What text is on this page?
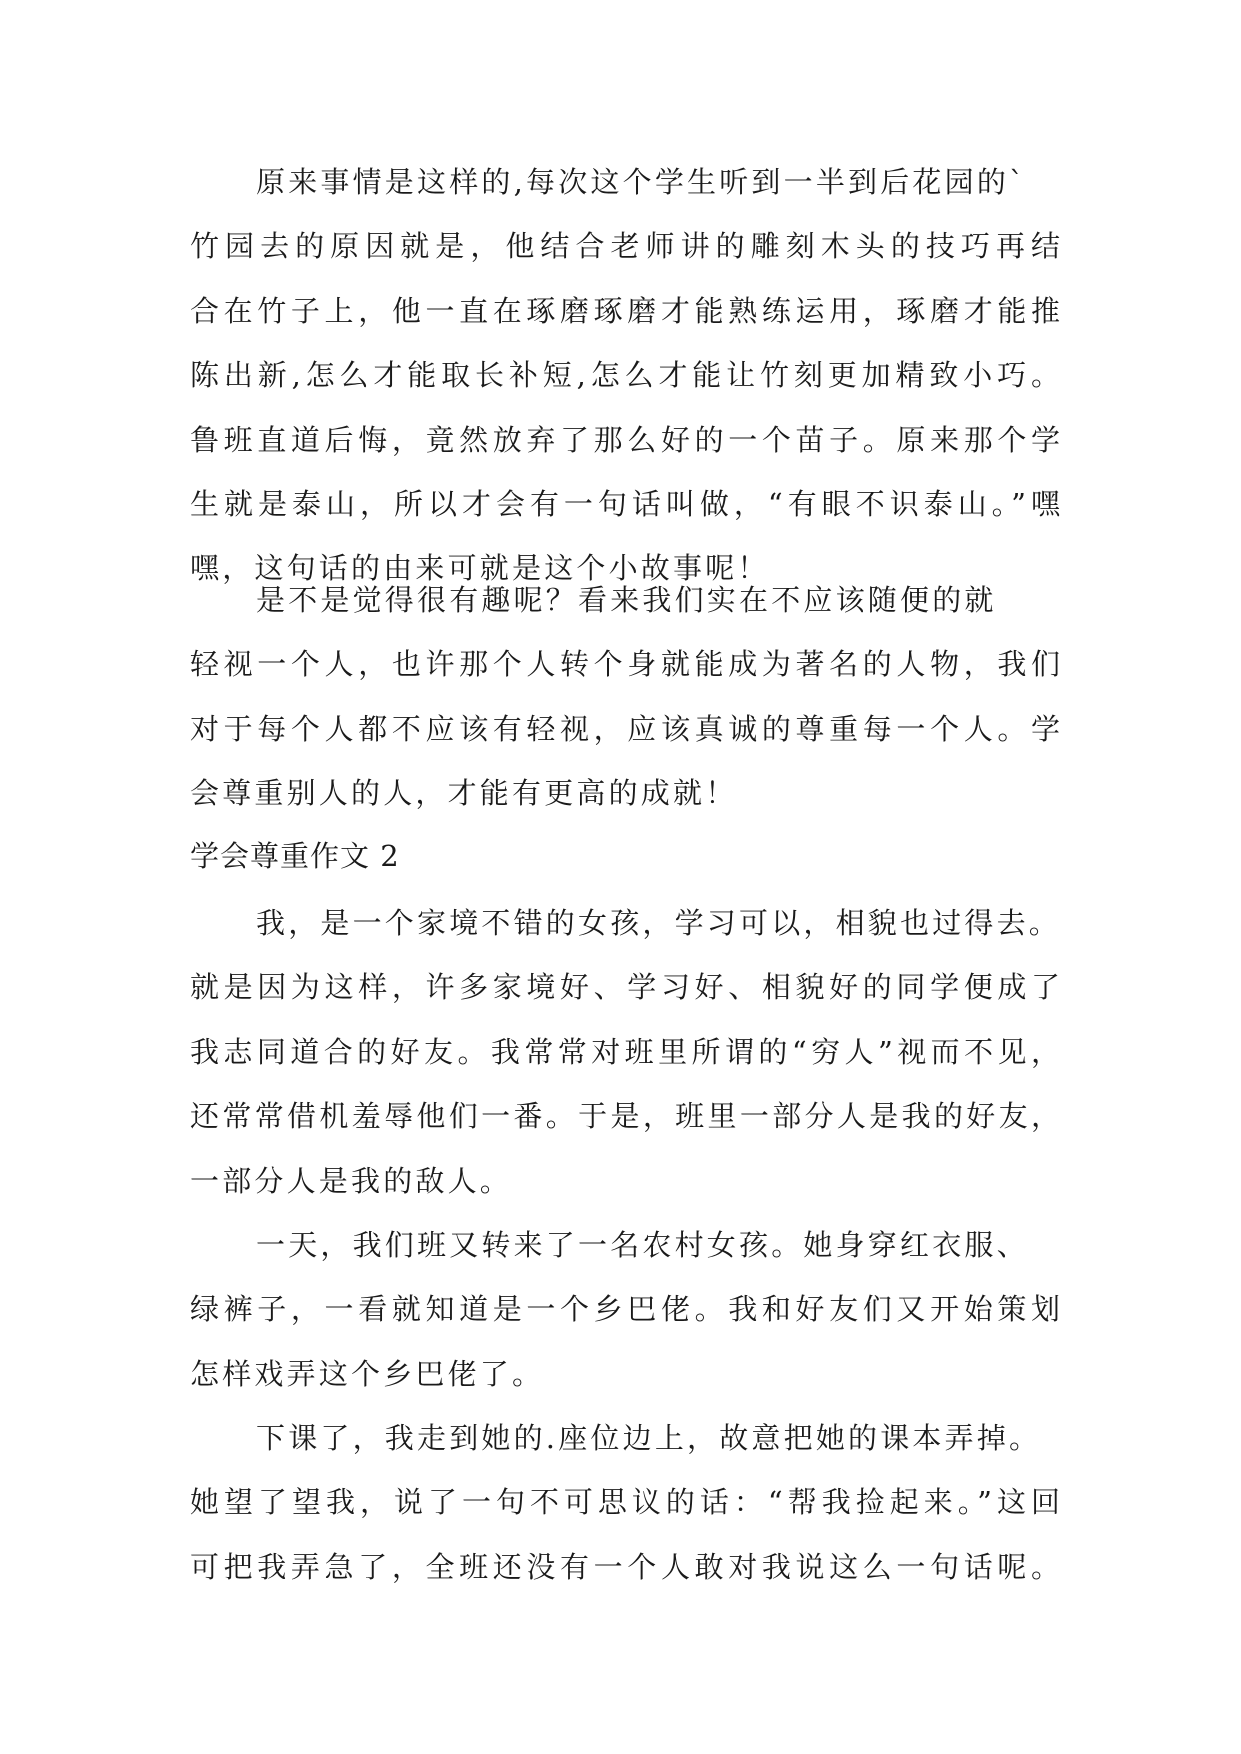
原来事情是这样的,每次这个学生听到一半到后花园的`
竹园去的原因就是，他结合老师讲的雕刻木头的技巧再结
合在竹子上，他一直在琢磨琢磨才能熟练运用，琢磨才能推
陈出新,怎么才能取长补短,怎么才能让竹刻更加精致小巧。
鲁班直道后悔，竟然放弃了那么好的一个苗子。原来那个学
生就是泰山，所以才会有一句话叫做，“有眼不识泰山。”嘿
嘿，这句话的由来可就是这个小故事呢！
是不是觉得很有趣呢？看来我们实在不应该随便的就
轻视一个人，也许那个人转个身就能成为著名的人物，我们
对于每个人都不应该有轻视，应该真诚的尊重每一个人。学
会尊重别人的人，才能有更高的成就！
学会尊重作文 2
我，是一个家境不错的女孩，学习可以，相貌也过得去。
就是因为这样，许多家境好、学习好、相貌好的同学便成了
我志同道合的好友。我常常对班里所谓的“穷人”视而不见，
还常常借机羞辱他们一番。于是，班里一部分人是我的好友，
一部分人是我的敌人。
一天，我们班又转来了一名农村女孩。她身穿红衣服、
绿裤子，一看就知道是一个乡巴佬。我和好友们又开始策划
怎样戏弄这个乡巴佬了。
下课了，我走到她的.座位边上，故意把她的课本弄掉。
她望了望我，说了一句不可思议的话：“帮我捡起来。”这回
可把我弄急了，全班还没有一个人敢对我说这么一句话呢。
